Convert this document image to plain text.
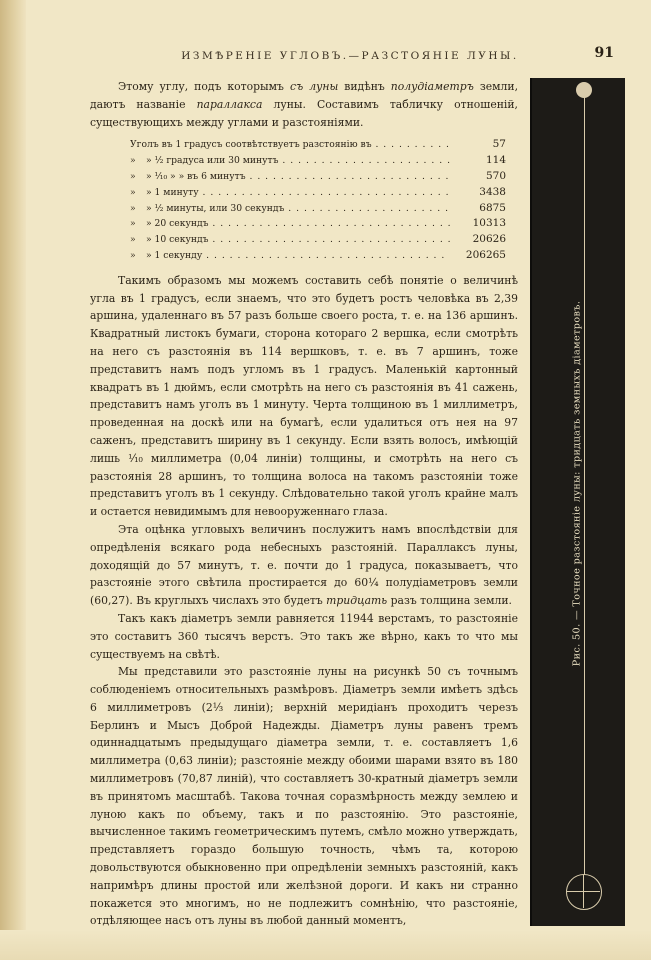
ИЗМѢРЕНІЕ УГЛОВЪ.—РАЗСТОЯНІЕ ЛУНЫ.	91

Этому углу, подъ которымъ съ луны видѣнъ полудіаметръ земли, даютъ названіе параллакса луны. Составимъ табличку отношеній, существующихъ между углами и разстояніями.

Уголъ въ 1 градусъ соотвѣтствуетъ разстоянію въ . . .	57
»	» ½ градуса или 30 минутъ . . .	114
»	» ¹⁄₁₀ » » въ 6 минутъ . . .	570
»	» 1 минуту . . .	3438
»	» ½ минуты, или 30 секундъ . . .	6875
»	» 20 секундъ . . .	10313
»	» 10 секундъ . . .	20626
»	» 1 секунду . . .	206265

Такимъ образомъ мы можемъ составить себѣ понятіе о величинѣ угла въ 1 градусъ, если знаемъ, что это будетъ ростъ человѣка въ 2,39 аршина, удаленнаго въ 57 разъ больше своего роста, т. е. на 136 аршинъ. Квадратный листокъ бумаги, сторона котораго 2 вершка, если смотрѣть на него съ разстоянія въ 114 вершковъ, т. е. въ 7 аршинъ, тоже представитъ намъ подъ угломъ въ 1 градусъ. Маленькій картонный квадратъ въ 1 дюймъ, если смотрѣть на него съ разстоянія въ 41 сажень, представитъ намъ уголъ въ 1 минуту. Черта толщиною въ 1 миллиметръ, проведенная на доскѣ или на бумагѣ, если удалиться отъ нея на 97 саженъ, представитъ ширину въ 1 секунду. Если взять волосъ, имѣющій лишь ¹⁄₁₀ миллиметра (0,04 линіи) толщины, и смотрѣть на него съ разстоянія 28 аршинъ, то толщина волоса на такомъ разстояніи тоже представитъ уголъ въ 1 секунду. Слѣдовательно такой уголъ крайне малъ и остается невидимымъ для невооруженнаго глаза.

Эта оцѣнка угловыхъ величинъ послужитъ намъ впослѣдствіи для опредѣленія всякаго рода небесныхъ разстояній. Параллаксъ луны, доходящій до 57 минутъ, т. е. почти до 1 градуса, показываетъ, что разстояніе этого свѣтила простирается до 60¼ полудіаметровъ земли (60,27). Въ круглыхъ числахъ это будетъ тридцать разъ толщина земли.

Такъ какъ діаметръ земли равняется 11944 верстамъ, то разстояніе это составитъ 360 тысячъ верстъ. Это такъ же вѣрно, какъ то что мы существуемъ на свѣтѣ.

Мы представили это разстояніе луны на рисункѣ 50 съ точнымъ соблюденіемъ относительныхъ размѣровъ. Діаметръ земли имѣетъ здѣсь 6 миллиметровъ (2⅓ линіи); верхній меридіанъ проходитъ черезъ Берлинъ и Мысъ Доброй Надежды. Діаметръ луны равенъ тремъ одиннадцатымъ предыдущаго діаметра земли, т. е. составляетъ 1,6 миллиметра (0,63 линіи); разстояніе между обоими шарами взято въ 180 миллиметровъ (70,87 линій), что составляетъ 30-кратный діаметръ земли въ принятомъ масштабѣ. Такова точная соразмѣрность между землею и луною какъ по объему, такъ и по разстоянію. Это разстояніе, вычисленное такимъ геометрическимъ путемъ, смѣло можно утверждать, представляетъ гораздо большую точность, чѣмъ та, которою довольствуются обыкновенно при опредѣленіи земныхъ разстояній, какъ напримѣръ длины простой или желѣзной дороги. И какъ ни странно покажется это многимъ, но не подлежитъ сомнѣнію, что разстояніе, отдѣляющее насъ отъ луны въ любой данный моментъ,

Рис. 50. — Точное разстояніе луны: тридцать земныхъ діаметровъ.
